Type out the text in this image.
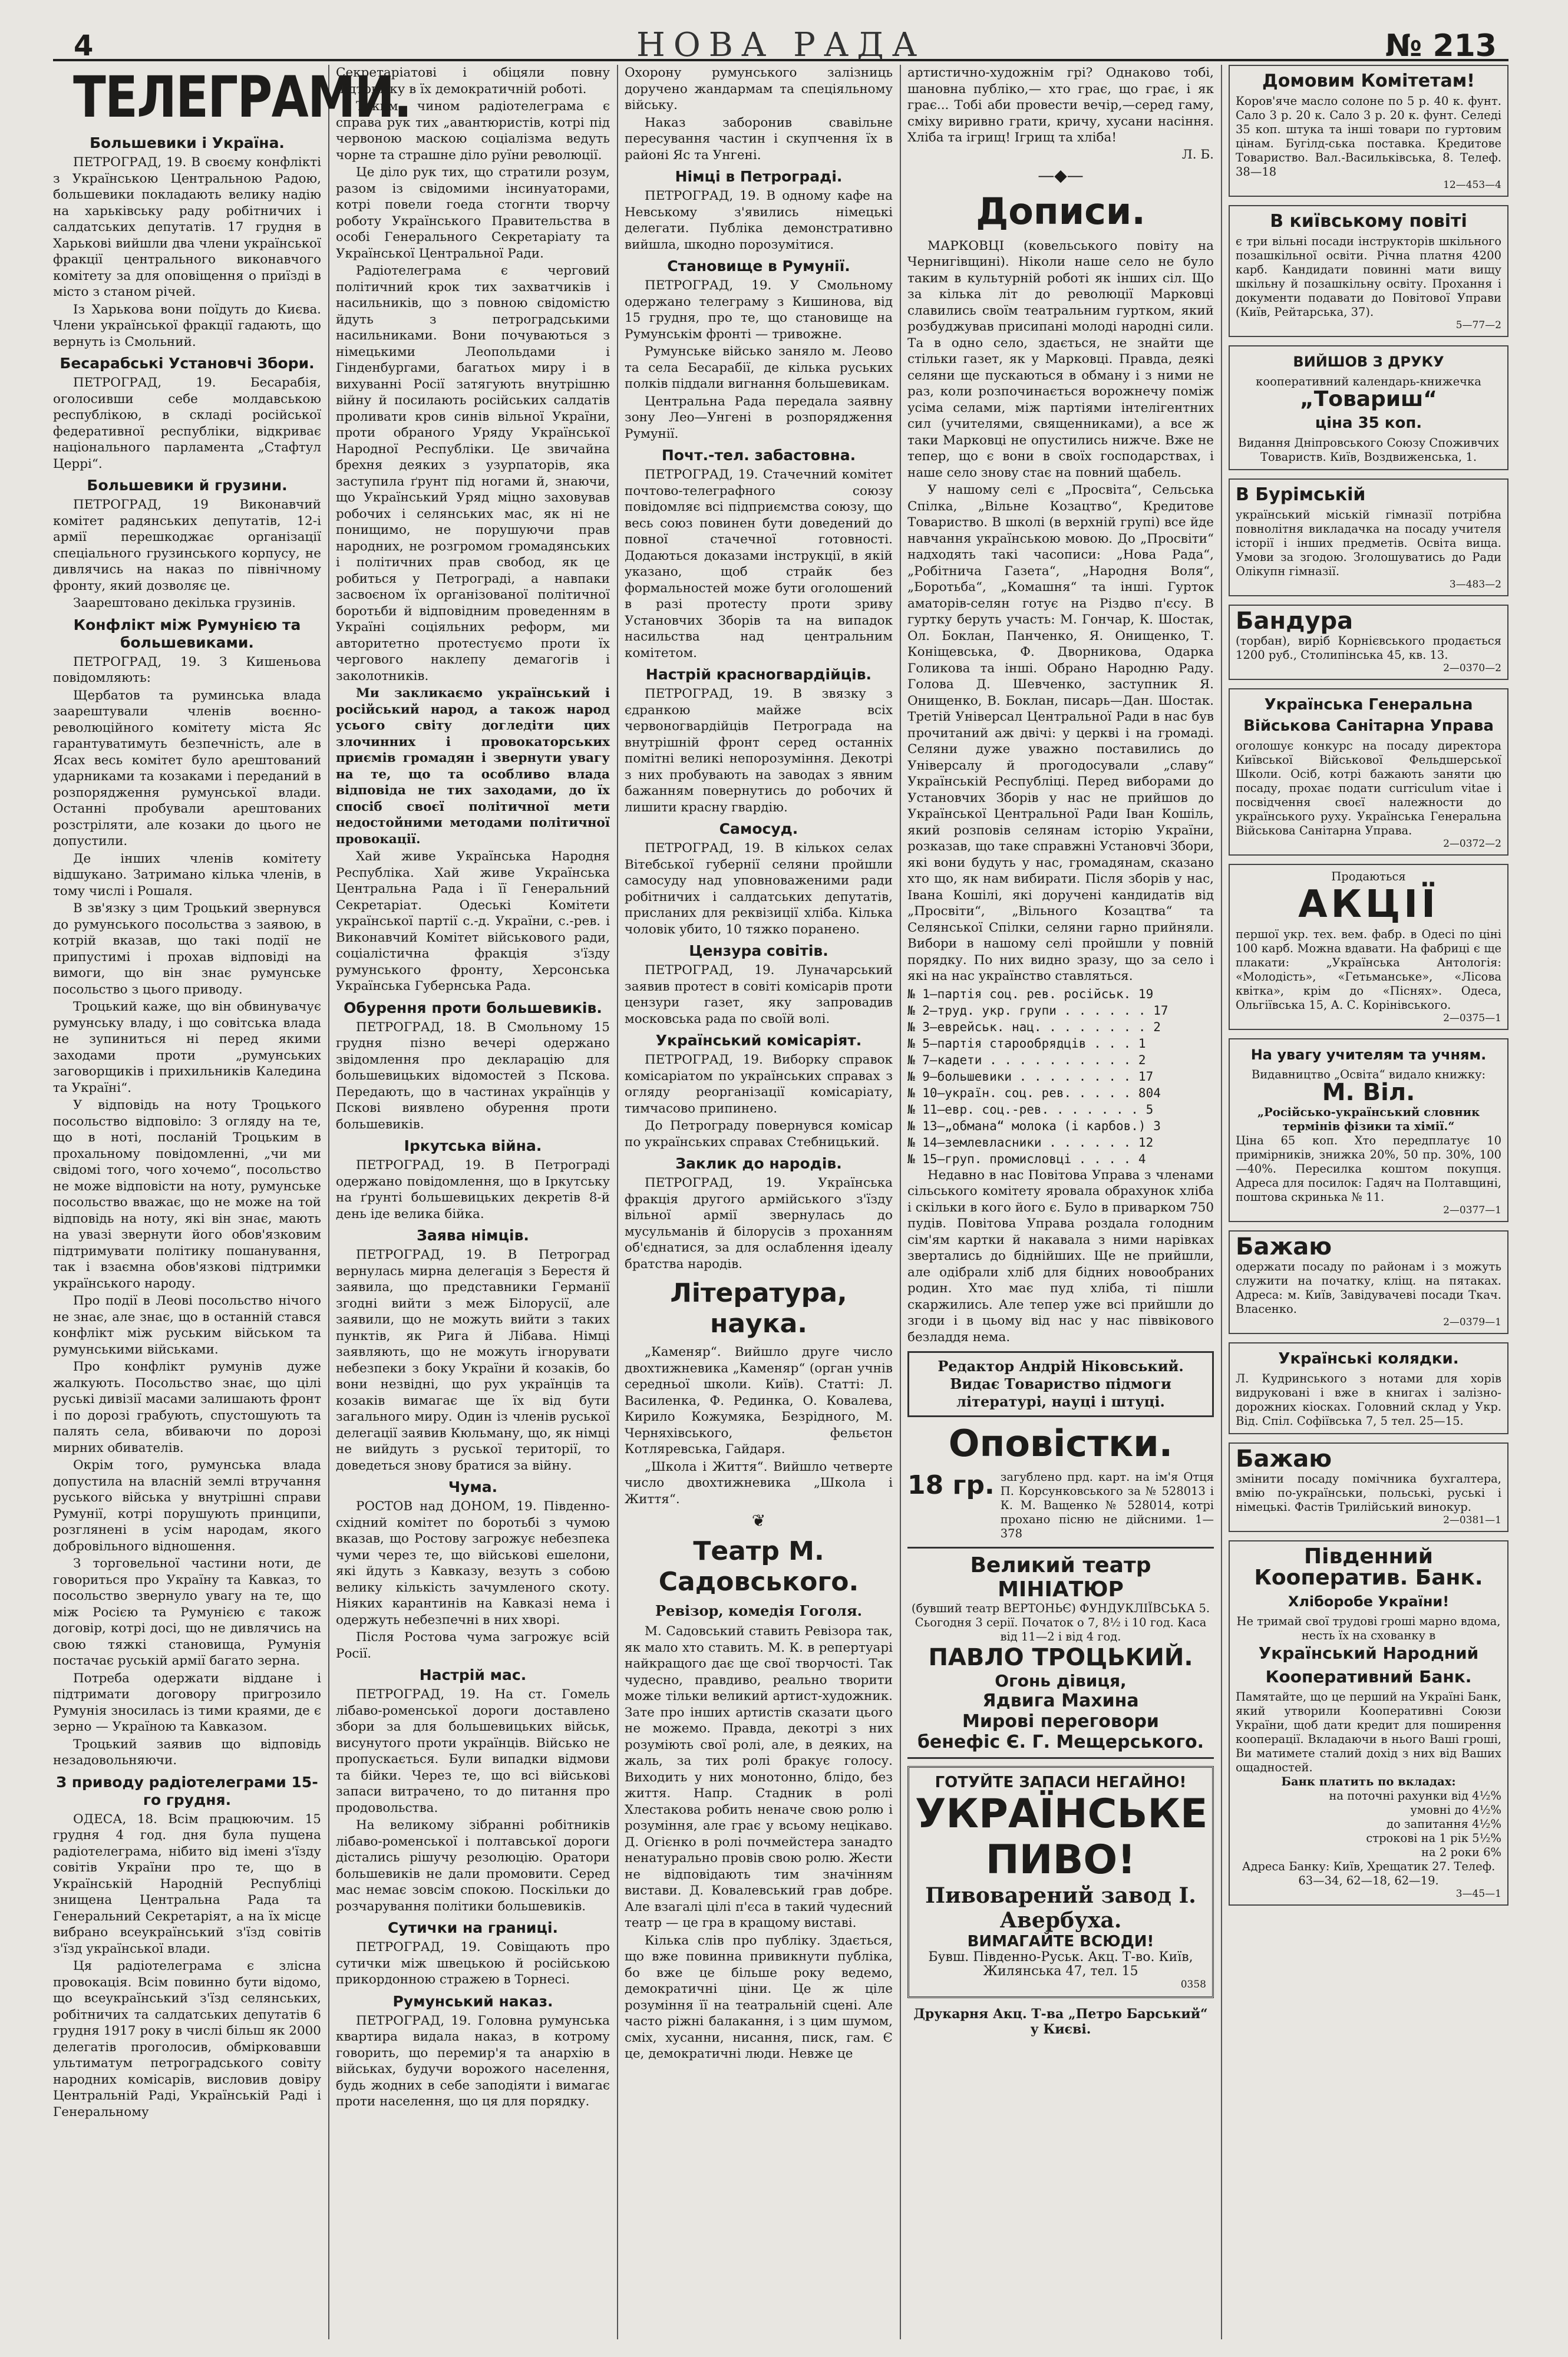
4	НОВА РАДА	№ 213
ТЕЛЕГРАМИ.
Большевики і Україна.

ПЕТРОГРАД, 19. В своєму конфлікті з Українською Центральною Радою, большевики покладають велику надію на харьківську раду робітничих і салдатських депутатів. 17 грудня в Харькові вийшли два члени української фракції центрального виконавчого комітету за для оповіщення о приїзді в місто з станом річей.

Із Харькова вони поїдуть до Києва. Члени української фракції гадають, що вернуть із Смольний.

Бесарабські Установчі Збори.

ПЕТРОГРАД, 19. Бесарабія, оголосивши себе молдавською республікою, в складі російської федеративної республіки, відкриває національного парламента „Стафтул Церрі“.

Большевики й грузини.

ПЕТРОГРАД, 19 Виконавчий комітет радянських депутатів, 12-і армії перешкоджає організації спеціального грузинського корпусу, не дивлячись на наказ по північному фронту, який дозволяє це.

Заарештовано декілька грузинів.

Конфлікт між Румунією та большевиками.

ПЕТРОГРАД, 19. З Кишеньова повідомляють:

Щербатов та руминська влада заарештували членів воєнно-революційного комітету міста Яс гарантуватимуть безпечність, але в Ясах весь комітет було арештований ударниками та козаками і переданий в розпорядження румунської влади. Останні пробували арештованих розстріляти, але козаки до цього не допустили.

Де інших членів комітету відшукано. Затримано кілька членів, в тому числі і Рошаля.

В зв'язку з цим Троцький звернувся до румунського посольства з заявою, в котрій вказав, що такі події не припустимі і прохав відповіді на вимоги, що він знає румунське посольство з цього приводу.

Троцький каже, що він обвинувачує румунську владу, і що совітська влада не зупиниться ні перед якими заходами проти „румунських заговорщиків і прихильників Каледина та Україні“.

У відповідь на ноту Троцького посольство відповіло: З огляду на те, що в ноті, посланій Троцьким в прохальному повідомленні, „чи ми свідомі того, чого хочемо“, посольство не може відповісти на ноту, румунське посольство вважає, що не може на той відповідь на ноту, які він знає, мають на увазі звернути його обов'язковим підтримувати політику пошанування, так і взаємна обов'язкові підтримки українського народу.

Про події в Леові посольство нічого не знає, але знає, що в останній стався конфлікт між руським військом та румунськими військами.

Про конфлікт румунів дуже жалкують. Посольство знає, що цілі руські дивізії масами залишають фронт і по дорозі грабують, спустошують та палять села, вбиваючи по дорозі мирних обивателів.

Окрім того, румунська влада допустила на власній землі втручання руського війська у внутрішні справи Румунії, котрі порушують принципи, розглянені в усім народам, якого добровільного відношення.

З торговельної частини ноти, де говориться про Україну та Кавказ, то посольство звернуло увагу на те, що між Росією та Румунією є також договір, котрі досі, що не дивлячись на свою тяжкі становища, Румунія постачає руській армії багато зерна.

Потреба одержати віддане і підтримати договору пригрозило Румунія зносилась із тими краями, де є зерно — Україною та Кавказом.

Троцький заявив що відповідь незадовольняючи.

З приводу радіотелеграми 15-го грудня.

ОДЕСА, 18. Всім працюючим. 15 грудня 4 год. дня була пущена радіотелеграма, нібито від імені з'їзду совітів України про те, що в Українській Народній Республіці знищена Центральна Рада та Генеральний Секретаріят, а на їх місце вибрано всеукраїнський з'їзд совітів з'їзд української влади.

Ця радіотелеграма є злісна провокація. Всім повинно бути відомо, що всеукраїнський з'їзд селянських, робітничих та салдатських депутатів 6 грудня 1917 року в числі більш як 2000 делегатів проголосив, обмірковавши ультиматум петроградського совіту народних комісарів, висловив довіру Центральній Раді, Українській Раді і Генеральному

Секретаріатові і обіцяли повну підтримку в їх демократичній роботі.

Таким чином радіотелеграма є справа рук тих „авантюристів, котрі під червоною маскою соціалізма ведуть чорне та страшне діло руїни революції.

Це діло рук тих, що стратили розум, разом із свідомими інсинуаторами, котрі повели гоеда стогнти творчу роботу Українського Правительства в особі Генерального Секретаріату та Української Центральної Ради.

Радіотелеграма є черговий політичний крок тих захватчиків і насильників, що з повною свідомістю йдуть з петроградськими насильниками. Вони почуваються з німецькими Леопольдами і Гінденбургами, багатьох миру і в вихуванні Росії затягують внутрішню війну й посилають російських салдатів проливати кров синів вільної України, проти обраного Уряду Української Народної Республіки. Це звичайна брехня деяких з узурпаторів, яка заступила ґрунт під ногами й, знаючи, що Український Уряд міцно заховував робочих і селянських мас, як ні не понищимо, не порушуючи прав народних, не розгромом громадянських і політичних прав свобод, як це робиться у Петрограді, а навпаки засвоєном їх організованої політичної боротьби й відповідним проведенням в Україні соціяльних реформ, ми авторитетно протестуємо проти їх чергового наклепу демагогів і заколотників.

Ми закликаємо український і російський народ, а також народ усього світу догледіти цих злочинних і провокаторських приємів громадян і звернути увагу на те, що та особливо влада відповіда не тих заходами, до їх спосіб своєї політичної мети недостойними методами політичної провокації.

Хай живе Українська Народня Республіка. Хай живе Українська Центральна Рада і її Генеральний Секретаріат. Одеські Комітети української партії с.-д. України, с.-рев. і Виконавчий Комітет військового ради, соціалістична фракція з'їзду румунського фронту, Херсонська Українська Губернська Рада.

Обурення проти большевиків.

ПЕТРОГРАД, 18. В Смольному 15 грудня пізно вечері одержано звідомлення про декларацію для большевицьких відомостей з Пскова. Передають, що в частинах українців у Пскові виявлено обурення проти большевиків.

Іркутська війна.

ПЕТРОГРАД, 19. В Петрограді одержано повідомлення, що в Іркутську на ґрунті большевицьких декретів 8-й день іде велика бійка.

Заява німців.

ПЕТРОГРАД, 19. В Петроград вернулась мирна делегація з Берестя й заявила, що представники Германії згодні вийти з меж Білорусії, але заявили, що не можуть вийти з таких пунктів, як Рига й Лібава. Німці заявляють, що не можуть ігнорувати небезпеки з боку України й козаків, бо вони незвідні, що рух українців та козаків вимагає ще їх від бути загального миру. Один із членів руської делегації заявив Кюльману, що, як німці не вийдуть з руської території, то доведеться знову братися за війну.

Чума.

РОСТОВ над ДОНОМ, 19. Південно-східний комітет по боротьбі з чумою вказав, що Ростову загрожує небезпека чуми через те, що військові ешелони, які йдуть з Кавказу, везуть з собою велику кількість зачумленого скоту. Ніяких карантинів на Кавказі нема і одержуть небезпечні в них хворі.

Після Ростова чума загрожує всій Росії.

Настрій мас.

ПЕТРОГРАД, 19. На ст. Гомель лібаво-роменської дороги доставлено збори за для большевицьких військ, висунутого проти українців. Військо не пропускається. Були випадки відмови та бійки. Через те, що всі військові запаси витрачено, то до питання про продовольства.

На великому зібранні робітників лібаво-роменської і полтавської дороги дістались рішучу резолюцію. Оратори большевиків не дали промовити. Серед мас немає зовсім спокою. Поскільки до розчарування політики большевиків.

Сутички на границі.

ПЕТРОГРАД, 19. Совіщають про сутички між швецькою й російською прикордонною стражею в Торнесі.

Румунський наказ.

ПЕТРОГРАД, 19. Головна румунська квартира видала наказ, в котрому говорить, що перемир'я та анархію в військах, будучи ворожого населення, будь жодних в себе заподіяти і вимагає проти населення, що ця для порядку.

Охорону румунського залізниць доручено жандармам та спеціяльному війську.

Наказ заборонив свавільне пересування частин і скупчення їх в районі Яс та Унгені.

Німці в Петрограді.

ПЕТРОГРАД, 19. В одному кафе на Невському з'явились німецькі делегати. Публіка демонстративно вийшла, шкодно порозумітися.

Становище в Румунії.

ПЕТРОГРАД, 19. У Смольному одержано телеграму з Кишинова, від 15 грудня, про те, що становище на Румунськім фронті — тривожне.

Румунське військо заняло м. Леово та села Бесарабії, де кілька руських полків піддали вигнання большевикам.

Центральна Рада передала заявну зону Лео—Унгені в розпорядження Румунії.

Почт.-тел. забастовна.

ПЕТРОГРАД, 19. Стачечний комітет почтово-телеграфного союзу повідомляє всі підприємства союзу, що весь союз повинен бути доведений до повної стачечної готовності. Додаються доказами інструкції, в якій указано, щоб страйк без формальностей може бути оголошений в разі протесту проти зриву Установчих Зборів та на випадок насильства над центральним комітетом.

Настрій красногвардійців.

ПЕТРОГРАД, 19. В звязку з єдранкою майже всіх червоногвардійців Петрограда на внутрішній фронт серед останніх помітні великі непорозуміння. Декотрі з них пробувають на заводах з явним бажанням повернутись до робочих й лишити красну гвардію.

Самосуд.

ПЕТРОГРАД, 19. В кількох селах Вітебської губернії селяни пройшли самосуду над уповноваженими ради робітничих і салдатських депутатів, присланих для реквізиції хліба. Кілька чоловік убито, 10 тяжко поранено.

Цензура совітів.

ПЕТРОГРАД, 19. Луначарський заявив протест в совіті комісарів проти цензури газет, яку запровадив московська рада по своїй волі.

Український комісаріят.

ПЕТРОГРАД, 19. Виборку справок комісаріатом по українських справах з огляду реорганізації комісаріату, тимчасово припинено.

До Петрограду повернувся комісар по українських справах Стебницький.

Заклик до народів.

ПЕТРОГРАД, 19. Українська фракція другого армійського з'їзду вільної армії звернулась до мусульманів й білорусів з проханням об'єднатися, за для ослаблення ідеалу братства народів.

Література, наука.

„Каменяр“. Вийшло друге число двохтижневика „Каменяр“ (орган учнів середньої школи. Київ). Статті: Л. Василенка, Ф. Рединка, О. Ковалева, Кирило Кожумяка, Безрідного, М. Черняхівського, фельєтон Котляревська, Гайдаря.

„Школа і Життя“. Вийшло четверте число двохтижневика „Школа і Життя“.

❦
Театр М. Садовського.
Ревізор, комедія Гоголя.

М. Садовський ставить Ревізора так, як мало хто ставить. М. К. в репертуарі найкращого дає ще свої творчості. Так чудесно, правдиво, реально творити може тільки великий артист-художник. Зате про інших артистів сказати цього не можемо. Правда, декотрі з них розуміють свої ролі, але, в деяких, на жаль, за тих ролі бракує голосу. Виходить у них монотонно, блідо, без життя. Напр. Стадник в ролі Хлестакова робить неначе свою ролю і розуміння, але грає у всьому нецікаво. Д. Огієнко в ролі почмейстера занадто ненатурально провів свою ролю. Жести не відповідають тим значінням вистави. Д. Ковалевський грав добре. Але взагалі цілі п'єса в такий чудесний театр — це гра в кращому виставі.

Кілька слів про публіку. Здається, що вже повинна привикнути публіка, бо вже це більше року ведемо, демократичні ціни. Це ж ціле розуміння її на театральній сцені. Але часто ріжні балакання, і з цим шумом, сміх, хусанни, нисання, писк, гам. Є це, демократичні люди. Невже це

артистично-художнім грі? Однаково тобі, шановна публіко,— хто грає, що грає, і як грає... Тобі аби провести вечір,—серед гаму, сміху виривно грати, кричу, хусани насіння. Хліба та ігрищ! Ігрищ та хліба!

Л. Б.

—◆—
Дописи.

МАРКОВЦІ (ковельського повіту на Чернигівщині). Ніколи наше село не було таким в культурній роботі як інших сіл. Що за кілька літ до революції Марковці славились своїм театральним гуртком, який розбуджував присипані молоді народні сили. Та в одно село, здається, не знайти ще стільки газет, як у Марковці. Правда, деякі селяни ще пускаються в обману і з ними не раз, коли розпочинається ворожнечу поміж усіма селами, між партіями інтелігентних сил (учителями, священниками), а все ж таки Марковці не опустились нижче. Вже не тепер, що є вони в своїх господарствах, і наше село знову стає на повний щабель.

У нашому селі є „Просвіта“, Сельська Спілка, „Вільне Козацтво“, Кредитове Товариство. В школі (в верхній групі) все йде навчання українською мовою. До „Просвіти“ надходять такі часописи: „Нова Рада“, „Робітнича Газета“, „Народня Воля“, „Боротьба“, „Комашня“ та інші. Гурток аматорів-селян готує на Різдво п'єсу. В гуртку беруть участь: М. Гончар, К. Шостак, Ол. Боклан, Панченко, Я. Онищенко, Т. Коніщевська, Ф. Дворникова, Одарка Голикова та інші. Обрано Народню Раду. Голова Д. Шевченко, заступник Я. Онищенко, В. Боклан, писарь—Дан. Шостак. Третій Універсал Центральної Ради в нас був прочитаний аж двічі: у церкві і на громаді. Селяни дуже уважно поставились до Універсалу й прогодосували „славу“ Українській Республіці. Перед виборами до Установчих Зборів у нас не прийшов до Української Центральної Ради Іван Кошіль, який розповів селянам історію України, розказав, що таке справжні Установчі Збори, які вони будуть у нас, громадянам, сказано хто що, як нам вибирати. Після зборів у нас, Івана Кошілі, які доручені кандидатів від „Просвіти“, „Вільного Козацтва“ та Селянської Спілки, селяни гарно прийняли. Вибори в нашому селі пройшли у повній порядку. По них видно зразу, що за село і які на нас українство ставляться.

№ 1—партія соц. рев. російськ. 19

№ 2—труд. укр. групи . . . . . . 17

№ 3—еврейськ. нац. . . . . . . . 2

№ 5—партія старообрядців . . . 1

№ 7—кадети . . . . . . . . . . 2

№ 9—большевики . . . . . . . . 17

№ 10—україн. соц. рев. . . . . 804

№ 11—евр. соц.-рев. . . . . . . 5

№ 13—„обмана“ молока (і карбов.) 3

№ 14—землевласники . . . . . . 12

№ 15—груп. промисловці . . . . 4

Недавно в нас Повітова Управа з членами сільського комітету яровала обрахунок хліба і скільки в кого його є. Було в приварком 750 пудів. Повітова Управа роздала голодним сім'ям картки й накавала з ними нарівках звертались до біднійших. Ще не прийшли, але одібрали хліб для бідних новообраних родин. Хто має пуд хліба, ті пішли скаржились. Але тепер уже всі прийшли до згоди і в цьому від нас у нас піввікового безладдя нема.

Редактор Андрій Ніковський. Видає Товариство підмоги літературі, науці і штуці.
Оповістки.
18 гр. загублено прд. карт. на ім'я Отця П. Корсунковського за № 528013 і К. М. Ващенко № 528014, котрі прохано пісню не дійсними. 1—378
Великий театр МІНІАТЮР
(бувший театр ВЕРТОНЬЄ) ФУНДУКЛІЇВСЬКА 5.
Сьогодня 3 серії. Початок о 7, 8½ і 10 год. Каса від 11—2 і від 4 год.
ПАВЛО ТРОЦЬКИЙ.
Огонь дівиця,
Ядвига Махина
Мирові переговори
бенефіс Є. Г. Мещерського.
ГОТУЙТЕ ЗАПАСИ НЕГАЙНО!
УКРАЇНСЬКЕ ПИВО!
Пивоварений завод І. Авербуха.
ВИМАГАЙТЕ ВСЮДИ!
Бувш. Південно-Руськ. Акц. Т-во. Київ, Жилянська 47, тел. 15
0358
Друкарня Акц. Т-ва „Петро Барський“ у Києві.
Домовим Комітетам!

Коров'яче масло солоне по 5 р. 40 к. фунт. Сало 3 р. 20 к. Сало 3 р. 20 к. фунт. Селеді 35 коп. штука та інші товари по гуртовим цінам. Бугілд-ська поставка. Кредитове Товариство. Вал.-Васильківська, 8. Телеф. 38—18

12—453—4

В київському повіті

є три вільні посади інструкторів шкільного позашкільної освіти. Річна платня 4200 карб. Кандидати повинні мати вищу шкільну й позашкільну освіту. Прохання і документи подавати до Повітової Управи (Київ, Рейтарська, 37).

5—77—2

ВИЙШОВ З ДРУКУ

кооперативний календарь-книжечка

„Товариш“
ціна 35 коп.

Видання Дніпровського Союзу Споживчих Товариств. Київ, Воздвиженська, 1.

В Бурімській

український міській гімназії потрібна повнолітня викладачка на посаду учителя історії і інших предметів. Освіта вища. Умови за згодою. Зголошуватись до Ради Олікупн гімназії.

3—483—2

Бандура

(торбан), виріб Корнієвського продається 1200 руб., Столипінська 45, кв. 13.

2—0370—2

Українська Генеральна Військова Санітарна Управа

оголошує конкурс на посаду директора Київської Військової Фельдшерської Школи. Осіб, котрі бажають заняти цю посаду, прохає подати curriculum vitae і посвідчення своєї належности до українського руху. Українська Генеральна Військова Санітарна Управа.

2—0372—2

Продаються

АКЦІЇ

першої укр. тех. вем. фабр. в Одесі по ціні 100 карб. Можна вдавати. На фабриці є ще плакати: „Українська Антологія: «Молодість», «Гетьманське», «Лісова квітка», крім до «Піснях». Одеса, Ольгіївська 15, А. С. Корінівського.

2—0375—1

На увагу учителям та учням.

Видавництво „Освіта“ видало книжку:

М. Віл.

„Російсько-український словник термінів фізики та хімії.“

Ціна 65 коп. Хто передплатує 10 примірників, знижка 20%, 50 пр. 30%, 100—40%. Пересилка коштом покупця. Адреса для посилок: Гадяч на Полтавщині, поштова скринька № 11.

2—0377—1

Бажаю

одержати посаду по районам і з можуть служити на початку, кліщ. на пятаках. Адреса: м. Київ, Завідувачеві посади Ткач. Власенко.

2—0379—1

Українські колядки.

Л. Кудринського з нотами для хорів видруковані і вже в книгах і залізно-дорожних кіосках. Головний склад у Укр. Від. Спіл. Софіївська 7, 5 тел. 25—15.

Бажаю

змінити посаду помічника бухгалтера, вмію по-українськи, польські, руські і німецькі. Фастів Трилійський винокур.

2—0381—1

Південний Кооператив. Банк.
Хліборобе України!

Не тримай свої трудові гроші марно вдома, несть їх на схованку в

Український Народний
Кооперативний Банк.

Памятайте, що це перший на Україні Банк, який утворили Кооперативні Союзи України, щоб дати кредит для поширення кооперації. Вкладаючи в нього Ваші гроші, Ви матимете сталий дохід з них від Ваших ощадностей.

Банк платить по вкладах:

на поточні рахунки від 4½%

умовні до 4½%

до запитання 4½%

строкові на 1 рік 5½%

на 2 роки 6%

Адреса Банку: Київ, Хрещатик 27. Телеф. 63—34, 62—18, 62—19.

3—45—1
